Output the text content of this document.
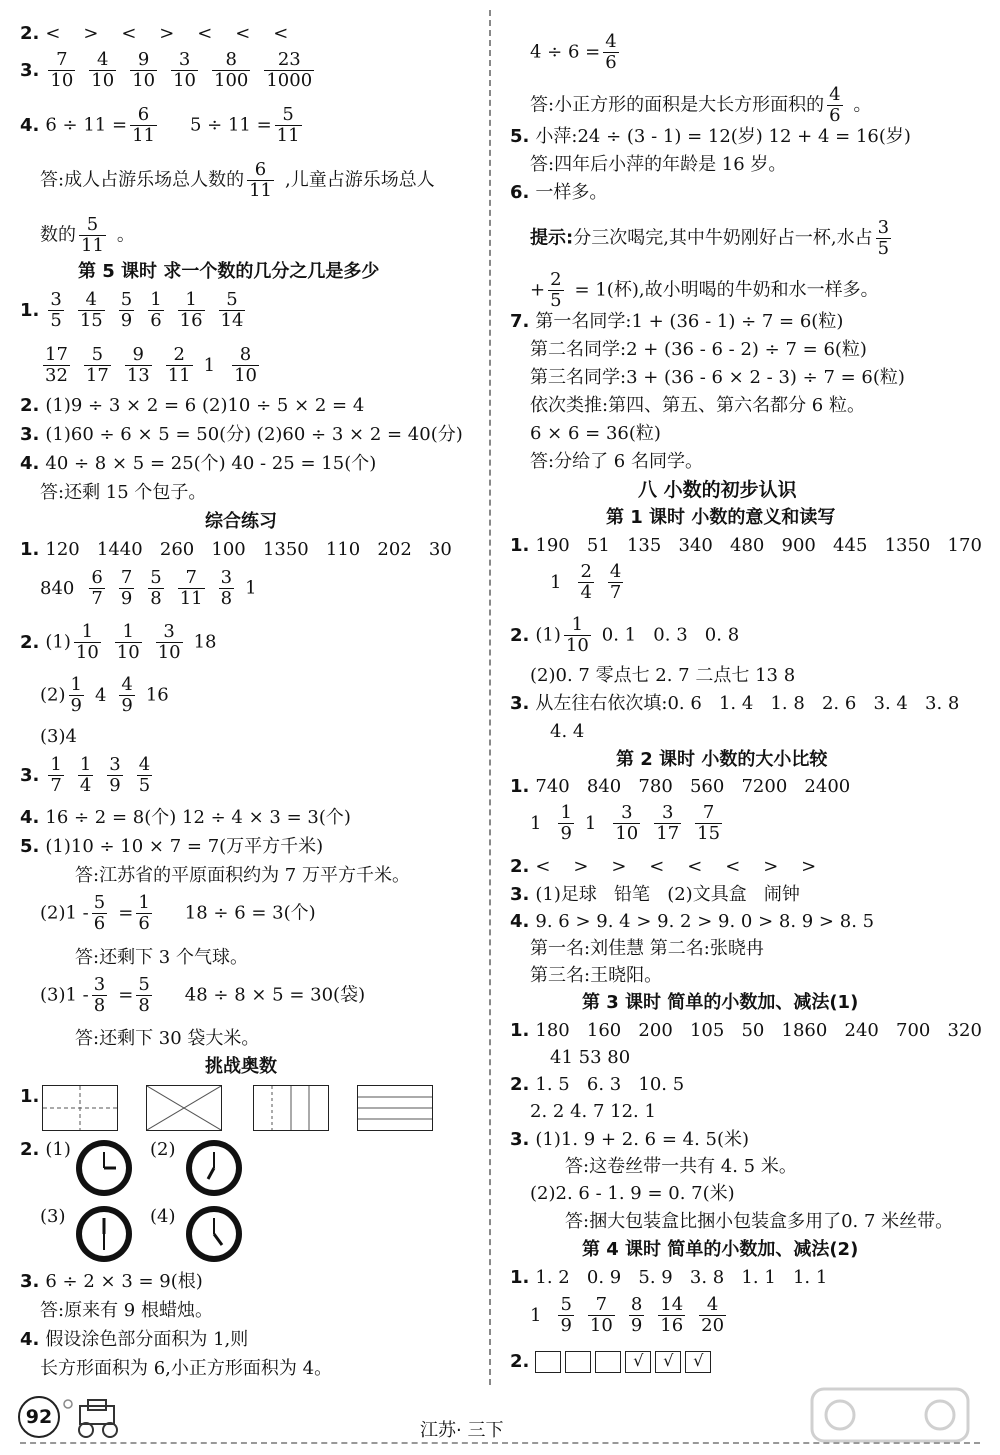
2. <    >    <    >    <    <    <
3. $\frac{7}{10} \frac{4}{10} \frac{9}{10} \frac{3}{10} \frac{8}{100} \frac{23}{1000}$
4. $6 \div 11 = \frac{6}{11} 5 \div 11 = \frac{5}{11}$
答:成人占游乐场总人数的 $\frac{6}{11}$ ,儿童占游乐场总人
数的 $\frac{5}{11}$ 。
第 5 课时 求一个数的几分之几是多少
1. $\frac{3}{5} \frac{4}{15} \frac{5}{9} \frac{1}{6} \frac{1}{16} \frac{5}{14}$
$\frac{17}{32} \frac{5}{17} \frac{9}{13} \frac{2}{11} 1 \frac{8}{10}$
2. (1)9 ÷ 3 × 2 = 6 (2)10 ÷ 5 × 2 = 4
3. (1)60 ÷ 6 × 5 = 50(分) (2)60 ÷ 3 × 2 = 40(分)
4. 40 ÷ 8 × 5 = 25(个) 40 - 25 = 15(个)
答:还剩 15 个包子。
综合练习
1. 120   1440   260   100   1350   110   202   30
$840 \frac{6}{7} \frac{7}{9} \frac{5}{8} \frac{7}{11} \frac{3}{8} 1$
2. $(1) \frac{1}{10} \frac{1}{10} \frac{3}{10} 18$
$(2) \frac{1}{9} 4 \frac{4}{9} 16$
(3)4
3. $\frac{1}{7} \frac{1}{4} \frac{3}{9} \frac{4}{5}$
4. 16 ÷ 2 = 8(个) 12 ÷ 4 × 3 = 3(个)
5. (1)10 ÷ 10 × 7 = 7(万平方千米)
答:江苏省的平原面积约为 7 万平方千米。
$(2)1 - \frac{5}{6} = \frac{1}{6} 18 \div 6 = 3$(个)
答:还剩下 3 个气球。
$(3)1 - \frac{3}{8} = \frac{5}{8} 48 \div 8 \times 5 = 30$(袋)
答:还剩下 30 袋大米。
挑战奥数
1.
2. (1)	(2)
(3)	(4)
3. 6 ÷ 2 × 3 = 9(根)
答:原来有 9 根蜡烛。
4. 假设涂色部分面积为 1,则
长方形面积为 6,小正方形面积为 4。
$4 \div 6 = \frac{4}{6}$
答:小正方形的面积是大长方形面积的 $\frac{4}{6}$ 。
5. 小萍:24 ÷ (3 - 1) = 12(岁) 12 + 4 = 16(岁)
答:四年后小萍的年龄是 16 岁。
6. 一样多。
提示:分三次喝完,其中牛奶刚好占一杯,水占 $\frac{3}{5}$
+ $\frac{2}{5} = 1$(杯),故小明喝的牛奶和水一样多。
7. 第一名同学:1 + (36 - 1) ÷ 7 = 6(粒)
第二名同学:2 + (36 - 6 - 2) ÷ 7 = 6(粒)
第三名同学:3 + (36 - 6 × 2 - 3) ÷ 7 = 6(粒)
依次类推:第四、第五、第六名都分 6 粒。
6 × 6 = 36(粒)
答:分给了 6 名同学。
八 小数的初步认识
第 1 课时 小数的意义和读写
1. 190   51   135   340   480   900   445   1350   170
$1 \frac{2}{4} \frac{4}{7}$
2. $(1) \frac{1}{10} 0$. 1   0. 3   0. 8
(2)0. 7 零点七 2. 7 二点七 13 8
3. 从左往右依次填:0. 6   1. 4   1. 8   2. 6   3. 4   3. 8
4. 4
第 2 课时 小数的大小比较
1. 740   840   780   560   7200   2400
$1 \frac{1}{9} 1 \frac{3}{10} \frac{3}{17} \frac{7}{15}$
2. <    >    >    <    <    <    >    >
3. (1)足球   铅笔   (2)文具盒   闹钟
4. 9. 6 > 9. 4 > 9. 2 > 9. 0 > 8. 9 > 8. 5
第一名:刘佳慧 第二名:张晓冉
第三名:王晓阳。
第 3 课时 简单的小数加、减法(1)
1. 180   160   200   105   50   1860   240   700   320
41 53 80
2. 1. 5   6. 3   10. 5
2. 2 4. 7 12. 1
3. (1)1. 9 + 2. 6 = 4. 5(米)
答:这卷丝带一共有 4. 5 米。
(2)2. 6 - 1. 9 = 0. 7(米)
答:捆大包装盒比捆小包装盒多用了0. 7 米丝带。
第 4 课时 简单的小数加、减法(2)
1. 1. 2   0. 9   5. 9   3. 8   1. 1   1. 1
$1 \frac{5}{9} \frac{7}{10} \frac{8}{9} \frac{14}{16} \frac{4}{20}$
2.	√ √ √
92
江苏· 三下
